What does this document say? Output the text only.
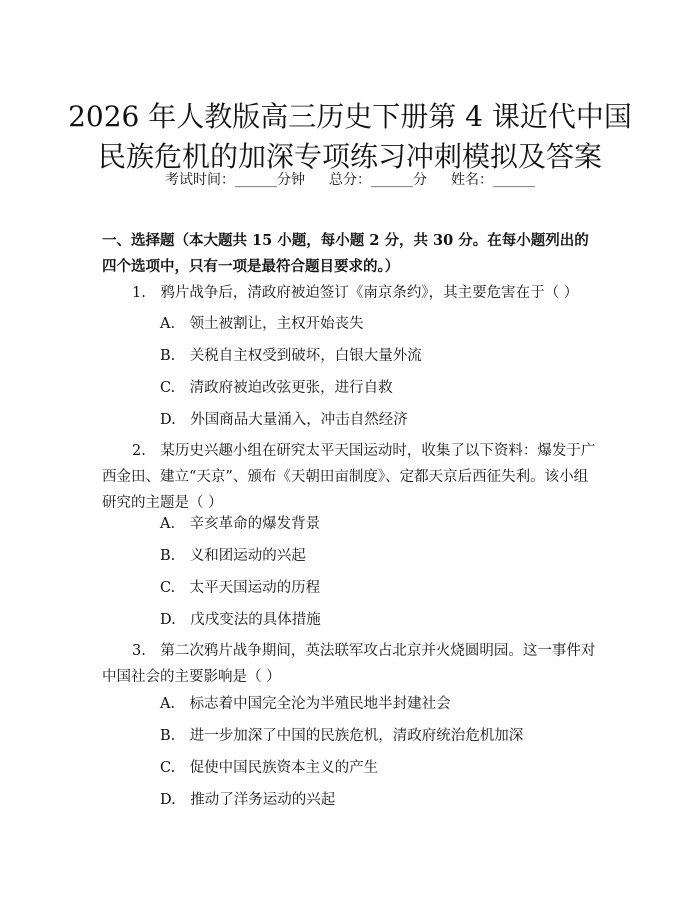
2026 年人教版高三历史下册第 4 课近代中国
民族危机的加深专项练习冲刺模拟及答案
考试时间：______分钟 总分：______分 姓名：______
一、选择题（本大题共 15 小题，每小题 2 分，共 30 分。在每小题列出的四个选项中，只有一项是最符合题目要求的。）

1.　鸦片战争后，清政府被迫签订《南京条约》，其主要危害在于（ ）

A.　领土被割让，主权开始丧失
B.　关税自主权受到破坏，白银大量外流
C.　清政府被迫改弦更张，进行自救
D.　外国商品大量涌入，冲击自然经济

2.　某历史兴趣小组在研究太平天国运动时，收集了以下资料：爆发于广西金田、建立“天京”、颁布《天朝田亩制度》、定都天京后西征失利。该小组研究的主题是（ ）

A.　辛亥革命的爆发背景
B.　义和团运动的兴起
C.　太平天国运动的历程
D.　戊戌变法的具体措施

3.　第二次鸦片战争期间，英法联军攻占北京并火烧圆明园。这一事件对中国社会的主要影响是（ ）

A.　标志着中国完全沦为半殖民地半封建社会
B.　进一步加深了中国的民族危机，清政府统治危机加深
C.　促使中国民族资本主义的产生
D.　推动了洋务运动的兴起
